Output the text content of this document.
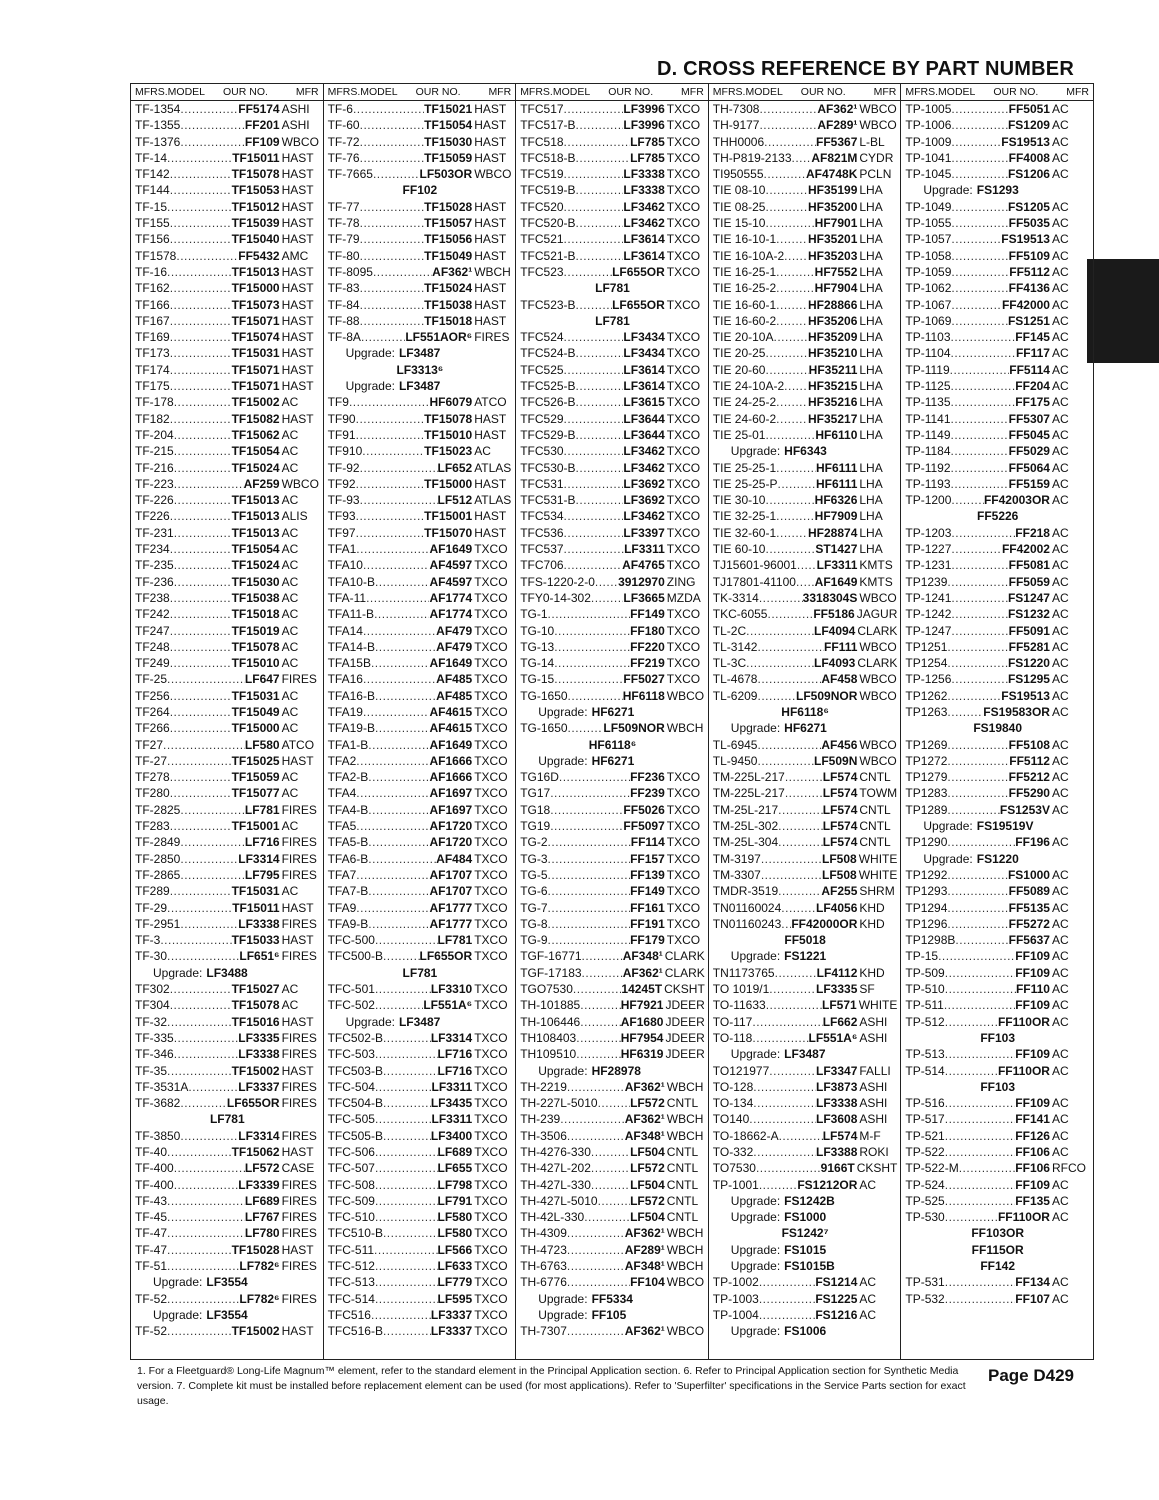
D. CROSS REFERENCE BY PART NUMBER
MFRS.MODEL OUR NO.	MFR
TF-1354 .....	FF5174 ASHI
TF-1355 .....	FF201 ASHI
TF-1376 .....	FF109 WBCO
TF-14 .....	TF15011 HAST
TF142 .....	TF15078 HAST
TF144 .....	TF15053 HAST
TF-15 .....	TF15012 HAST
TF155 .....	TF15039 HAST
TF156 .....	TF15040 HAST
TF1578 .....	FF5432 AMC
TF-16 .....	TF15013 HAST
TF162 .....	TF15000 HAST
TF166 .....	TF15073 HAST
TF167 .....	TF15071 HAST
TF169 .....	TF15074 HAST
TF173 .....	TF15031 HAST
TF174 .....	TF15071 HAST
TF175 .....	TF15071 HAST
TF-178 .....	TF15002 AC
TF182 .....	TF15082 HAST
TF-204 .....	TF15062 AC
TF-215 .....	TF15054 AC
TF-216 .....	TF15024 AC
TF-223 .....	AF259 WBCO
TF-226 .....	TF15013 AC
TF226 .....	TF15013 ALIS
TF-231 .....	TF15013 AC
TF234 .....	TF15054 AC
TF-235 .....	TF15024 AC
TF-236 .....	TF15030 AC
TF238 .....	TF15038 AC
TF242 .....	TF15018 AC
TF247 .....	TF15019 AC
TF248 .....	TF15078 AC
TF249 .....	TF15010 AC
TF-25 .....	LF647 FIRES
TF256 .....	TF15031 AC
TF264 .....	TF15049 AC
TF266 .....	TF15000 AC
TF27 .....	LF580 ATCO
TF-27 .....	TF15025 HAST
TF278 .....	TF15059 AC
TF280 .....	TF15077 AC
TF-2825 .....	LF781 FIRES
TF283 .....	TF15001 AC
TF-2849 .....	LF716 FIRES
TF-2850 .....	LF3314 FIRES
TF-2865 .....	LF795 FIRES
TF289 .....	TF15031 AC
TF-29 .....	TF15011 HAST
TF-2951 .....	LF3338 FIRES
TF-3 .....	TF15033 HAST
TF-30 .....	LF651⁶ FIRES
Upgrade: LF3488
TF302 .....	TF15027 AC
TF304 .....	TF15078 AC
TF-32 .....	TF15016 HAST
TF-335 .....	LF3335 FIRES
TF-346 .....	LF3338 FIRES
TF-35 .....	TF15002 HAST
TF-3531A .....	LF3337 FIRES
TF-3682 .....	LF655OR FIRES
LF781
TF-3850 .....	LF3314 FIRES
TF-40 .....	TF15062 HAST
TF-400 .....	LF572 CASE
TF-400 .....	LF3339 FIRES
TF-43 .....	LF689 FIRES
TF-45 .....	LF767 FIRES
TF-47 .....	LF780 FIRES
TF-47 .....	TF15028 HAST
TF-51 .....	LF782⁶ FIRES
Upgrade: LF3554
TF-52 .....	LF782⁶ FIRES
Upgrade: LF3554
TF-52 .....	TF15002 HAST
MFRS.MODEL OUR NO.	MFR
TF-6 .....	TF15021 HAST
TF-60 .....	TF15054 HAST
TF-72 .....	TF15030 HAST
TF-76 .....	TF15059 HAST
TF-7665 .....	LF503OR WBCO
FF102
TF-77 .....	TF15028 HAST
TF-78 .....	TF15057 HAST
TF-79 .....	TF15056 HAST
TF-80 .....	TF15049 HAST
TF-8095 .....	AF362¹ WBCH
TF-83 .....	TF15024 HAST
TF-84 .....	TF15038 HAST
TF-88 .....	TF15018 HAST
TF-8A .....	LF551AOR⁶ FIRES
Upgrade: LF3487
LF3313⁶
Upgrade: LF3487
TF9 .....	HF6079 ATCO
TF90 .....	TF15078 HAST
TF91 .....	TF15010 HAST
TF910 .....	TF15023 AC
TF-92 .....	LF652 ATLAS
TF92 .....	TF15000 HAST
TF-93 .....	LF512 ATLAS
TF93 .....	TF15001 HAST
TF97 .....	TF15070 HAST
TFA1 .....	AF1649 TXCO
TFA10 .....	AF4597 TXCO
TFA10-B .....	AF4597 TXCO
TFA-11 .....	AF1774 TXCO
TFA11-B .....	AF1774 TXCO
TFA14 .....	AF479 TXCO
TFA14-B .....	AF479 TXCO
TFA15B .....	AF1649 TXCO
TFA16 .....	AF485 TXCO
TFA16-B .....	AF485 TXCO
TFA19 .....	AF4615 TXCO
TFA19-B .....	AF4615 TXCO
TFA1-B .....	AF1649 TXCO
TFA2 .....	AF1666 TXCO
TFA2-B .....	AF1666 TXCO
TFA4 .....	AF1697 TXCO
TFA4-B .....	AF1697 TXCO
TFA5 .....	AF1720 TXCO
TFA5-B .....	AF1720 TXCO
TFA6-B .....	AF484 TXCO
TFA7 .....	AF1707 TXCO
TFA7-B .....	AF1707 TXCO
TFA9 .....	AF1777 TXCO
TFA9-B .....	AF1777 TXCO
TFC-500 .....	LF781 TXCO
TFC500-B .....	LF655OR TXCO
LF781
TFC-501 .....	LF3310 TXCO
TFC-502 .....	LF551A⁶ TXCO
Upgrade: LF3487
TFC502-B .....	LF3314 TXCO
TFC-503 .....	LF716 TXCO
TFC503-B .....	LF716 TXCO
TFC-504 .....	LF3311 TXCO
TFC504-B .....	LF3435 TXCO
TFC-505 .....	LF3311 TXCO
TFC505-B .....	LF3400 TXCO
TFC-506 .....	LF689 TXCO
TFC-507 .....	LF655 TXCO
TFC-508 .....	LF798 TXCO
TFC-509 .....	LF791 TXCO
TFC-510 .....	LF580 TXCO
TFC510-B .....	LF580 TXCO
TFC-511 .....	LF566 TXCO
TFC-512 .....	LF633 TXCO
TFC-513 .....	LF779 TXCO
TFC-514 .....	LF595 TXCO
TFC516 .....	LF3337 TXCO
TFC516-B .....	LF3337 TXCO
MFRS.MODEL OUR NO.	MFR
TFC517 .....	LF3996 TXCO
TFC517-B .....	LF3996 TXCO
TFC518 .....	LF785 TXCO
TFC518-B .....	LF785 TXCO
TFC519 .....	LF3338 TXCO
TFC519-B .....	LF3338 TXCO
TFC520 .....	LF3462 TXCO
TFC520-B .....	LF3462 TXCO
TFC521 .....	LF3614 TXCO
TFC521-B .....	LF3614 TXCO
TFC523 .....	LF655OR TXCO
LF781
TFC523-B .....	LF655OR TXCO
LF781
TFC524 .....	LF3434 TXCO
TFC524-B .....	LF3434 TXCO
TFC525 .....	LF3614 TXCO
TFC525-B .....	LF3614 TXCO
TFC526-B .....	LF3615 TXCO
TFC529 .....	LF3644 TXCO
TFC529-B .....	LF3644 TXCO
TFC530 .....	LF3462 TXCO
TFC530-B .....	LF3462 TXCO
TFC531 .....	LF3692 TXCO
TFC531-B .....	LF3692 TXCO
TFC534 .....	LF3462 TXCO
TFC536 .....	LF3397 TXCO
TFC537 .....	LF3311 TXCO
TFC706 .....	AF4765 TXCO
TFS-1220-2-0 ..... 3912970 ZING
TFY0-14-302 .....	LF3665 MZDA
TG-1 .....	FF149 TXCO
TG-10 .....	FF180 TXCO
TG-13 .....	FF220 TXCO
TG-14 .....	FF219 TXCO
TG-15 .....	FF5027 TXCO
TG-1650 .....	HF6118 WBCO
Upgrade: HF6271
TG-1650 .....	LF509NOR WBCH
HF6118⁶
Upgrade: HF6271
TG16D .....	FF236 TXCO
TG17 .....	FF239 TXCO
TG18 .....	FF5026 TXCO
TG19 .....	FF5097 TXCO
TG-2 .....	FF114 TXCO
TG-3 .....	FF157 TXCO
TG-5 .....	FF139 TXCO
TG-6 .....	FF149 TXCO
TG-7 .....	FF161 TXCO
TG-8 .....	FF191 TXCO
TG-9 .....	FF179 TXCO
TGF-16771 .....	AF348¹ CLARK
TGF-17183 .....	AF362¹ CLARK
TGO7530 .....	14245T CKSHT
TH-101885 .....	HF7921 JDEER
TH-106446 .....	AF1680 JDEER
TH108403 .....	HF7954 JDEER
TH109510 .....	HF6319 JDEER
Upgrade: HF28978
TH-2219 .....	AF362¹ WBCH
TH-227L-5010 .....	LF572 CNTL
TH-239 .....	AF362¹ WBCH
TH-3506 .....	AF348¹ WBCH
TH-4276-330 .....	LF504 CNTL
TH-427L-202 .....	LF572 CNTL
TH-427L-330 .....	LF504 CNTL
TH-427L-5010 .....	LF572 CNTL
TH-42L-330 .....	LF504 CNTL
TH-4309 .....	AF362¹ WBCH
TH-4723 .....	AF289¹ WBCH
TH-6763 .....	AF348¹ WBCH
TH-6776 .....	FF104 WBCO
Upgrade: FF5334
Upgrade: FF105
TH-7307 .....	AF362¹ WBCO
MFRS.MODEL OUR NO.	MFR
TH-7308 .....	AF362¹ WBCO
TH-9177 .....	AF289¹ WBCO
THH0006 .....	FF5367 L-BL
TH-P819-2133 ..... AF821M CYDR
TI950555 .....	AF4748K PCLN
TIE 08-10 .....	HF35199 LHA
TIE 08-25 .....	HF35200 LHA
TIE 15-10 .....	HF7901 LHA
TIE 16-10-1 .....	HF35201 LHA
TIE 16-10A-2 ..... HF35203 LHA
TIE 16-25-1 .....	HF7552 LHA
TIE 16-25-2 .....	HF7904 LHA
TIE 16-60-1 .....	HF28866 LHA
TIE 16-60-2 .....	HF35206 LHA
TIE 20-10A .....	HF35209 LHA
TIE 20-25 .....	HF35210 LHA
TIE 20-60 .....	HF35211 LHA
TIE 24-10A-2 ..... HF35215 LHA
TIE 24-25-2 .....	HF35216 LHA
TIE 24-60-2 .....	HF35217 LHA
TIE 25-01 .....	HF6110 LHA
Upgrade: HF6343
TIE 25-25-1 .....	HF6111 LHA
TIE 25-25-P .....	HF6111 LHA
TIE 30-10 .....	HF6326 LHA
TIE 32-25-1 .....	HF7909 LHA
TIE 32-60-1 .....	HF28874 LHA
TIE 60-10 .....	ST1427 LHA
TJ15601-96001 ..... LF3311 KMTS
TJ17801-41100 ..... AF1649 KMTS
TK-3314 .....	3318304S WBCO
TKC-6055 .....	FF5186 JAGUR
TL-2C .....	LF4094 CLARK
TL-3142 .....	FF111 WBCO
TL-3C .....	LF4093 CLARK
TL-4678 .....	AF458 WBCO
TL-6209 .....	LF509NOR WBCO
HF6118⁶
Upgrade: HF6271
TL-6945 .....	AF456 WBCO
TL-9450 .....	LF509N WBCO
TM-225L-217 .....	LF574 CNTL
TM-225L-217 .....	LF574 TOWM
TM-25L-217 .....	LF574 CNTL
TM-25L-302 .....	LF574 CNTL
TM-25L-304 .....	LF574 CNTL
TM-3197 .....	LF508 WHITE
TM-3307 .....	LF508 WHITE
TMDR-3519 .....	AF255 SHRM
TN01160024 .....	LF4056 KHD
TN01160243 ..... FF42000OR KHD
FF5018
Upgrade: FS1221
TN1173765 .....	LF4112 KHD
TO 1019/1 .....	LF3335 SF
TO-11633 .....	LF571 WHITE
TO-117 .....	LF662 ASHI
TO-118 .....	LF551A⁶ ASHI
Upgrade: LF3487
TO121977 .....	LF3347 FALLI
TO-128 .....	LF3873 ASHI
TO-134 .....	LF3338 ASHI
TO140 .....	LF3608 ASHI
TO-18662-A .....	LF574 M-F
TO-332 .....	LF3388 ROKI
TO7530 .....	9166T CKSHT
TP-1001 .....	FS1212OR AC
Upgrade: FS1242B
Upgrade: FS1000
FS1242⁷
Upgrade: FS1015
Upgrade: FS1015B
TP-1002 .....	FS1214 AC
TP-1003 .....	FS1225 AC
TP-1004 .....	FS1216 AC
Upgrade: FS1006
MFRS.MODEL OUR NO.	MFR
TP-1005 .....	FF5051 AC
TP-1006 .....	FS1209 AC
TP-1009 .....	FS19513 AC
TP-1041 .....	FF4008 AC
TP-1045 .....	FS1206 AC
Upgrade: FS1293
TP-1049 .....	FS1205 AC
TP-1055 .....	FF5035 AC
TP-1057 .....	FS19513 AC
TP-1058 .....	FF5109 AC
TP-1059 .....	FF5112 AC
TP-1062 .....	FF4136 AC
TP-1067 .....	FF42000 AC
TP-1069 .....	FS1251 AC
TP-1103 .....	FF145 AC
TP-1104 .....	FF117 AC
TP-1119 .....	FF5114 AC
TP-1125 .....	FF204 AC
TP-1135 .....	FF175 AC
TP-1141 .....	FF5307 AC
TP-1149 .....	FF5045 AC
TP-1184 .....	FF5029 AC
TP-1192 .....	FF5064 AC
TP-1193 .....	FF5159 AC
TP-1200 .....	FF42003OR AC
FF5226
TP-1203 .....	FF218 AC
TP-1227 .....	FF42002 AC
TP-1231 .....	FF5081 AC
TP1239 .....	FF5059 AC
TP-1241 .....	FS1247 AC
TP-1242 .....	FS1232 AC
TP-1247 .....	FF5091 AC
TP1251 .....	FF5281 AC
TP1254 .....	FS1220 AC
TP-1256 .....	FS1295 AC
TP1262 .....	FS19513 AC
TP1263 .....	FS19583OR AC
FS19840
TP1269 .....	FF5108 AC
TP1272 .....	FF5112 AC
TP1279 .....	FF5212 AC
TP1283 .....	FF5290 AC
TP1289 .....	FS1253V AC
Upgrade: FS19519V
TP1290 .....	FF196 AC
Upgrade: FS1220
TP1292 .....	FS1000 AC
TP1293 .....	FF5089 AC
TP1294 .....	FF5135 AC
TP1296 .....	FF5272 AC
TP1298B .....	FF5637 AC
TP-15 .....	FF109 AC
TP-509 .....	FF109 AC
TP-510 .....	FF110 AC
TP-511 .....	FF109 AC
TP-512 .....	FF110OR AC
FF103
TP-513 .....	FF109 AC
TP-514 .....	FF110OR AC
FF103
TP-516 .....	FF109 AC
TP-517 .....	FF141 AC
TP-521 .....	FF126 AC
TP-522 .....	FF106 AC
TP-522-M .....	FF106 RFCO
TP-524 .....	FF109 AC
TP-525 .....	FF135 AC
TP-530 .....	FF110OR AC
FF103OR
FF115OR
FF142
TP-531 .....	FF134 AC
TP-532 .....	FF107 AC
1. For a Fleetguard® Long-Life Magnum™ element, refer to the standard element in the Principal Application section. 6. Refer to Principal Application section for Synthetic Media version. 7. Complete kit must be installed before replacement element can be used (for most applications). Refer to 'Superfilter' specifications in the Service Parts section for exact usage.
Page D429
